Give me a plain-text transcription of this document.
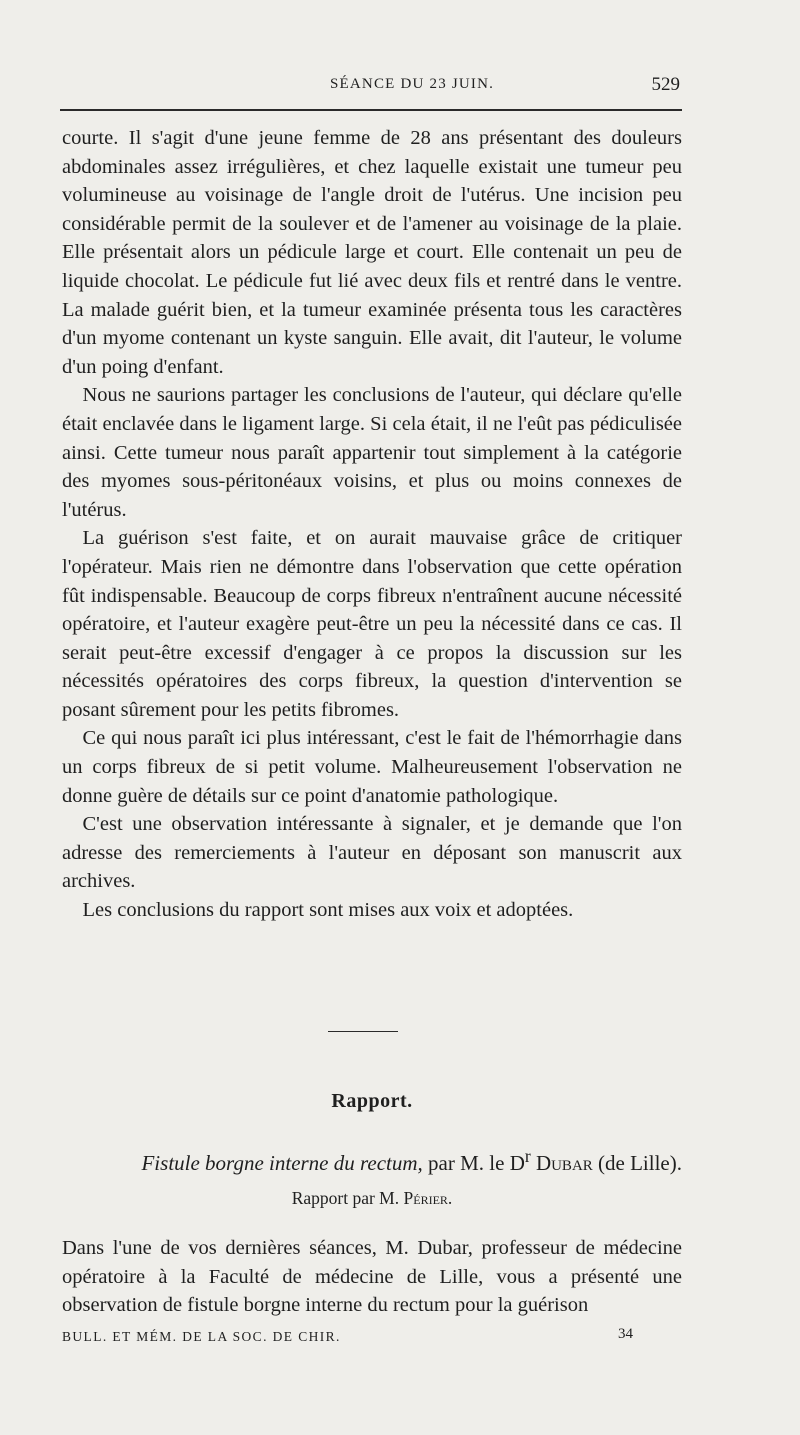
SÉANCE DU 23 JUIN.	529

courte. Il s'agit d'une jeune femme de 28 ans présentant des douleurs abdominales assez irrégulières, et chez laquelle existait une tumeur peu volumineuse au voisinage de l'angle droit de l'utérus. Une incision peu considérable permit de la soulever et de l'amener au voisinage de la plaie. Elle présentait alors un pédicule large et court. Elle contenait un peu de liquide chocolat. Le pédicule fut lié avec deux fils et rentré dans le ventre. La malade guérit bien, et la tumeur examinée présenta tous les caractères d'un myome contenant un kyste sanguin. Elle avait, dit l'auteur, le volume d'un poing d'enfant.

Nous ne saurions partager les conclusions de l'auteur, qui déclare qu'elle était enclavée dans le ligament large. Si cela était, il ne l'eût pas pédiculisée ainsi. Cette tumeur nous paraît appartenir tout simplement à la catégorie des myomes sous-péritonéaux voisins, et plus ou moins connexes de l'utérus.

La guérison s'est faite, et on aurait mauvaise grâce de critiquer l'opérateur. Mais rien ne démontre dans l'observation que cette opération fût indispensable. Beaucoup de corps fibreux n'entraînent aucune nécessité opératoire, et l'auteur exagère peut-être un peu la nécessité dans ce cas. Il serait peut-être excessif d'engager à ce propos la discussion sur les nécessités opératoires des corps fibreux, la question d'intervention se posant sûrement pour les petits fibromes.

Ce qui nous paraît ici plus intéressant, c'est le fait de l'hémorrhagie dans un corps fibreux de si petit volume. Malheureusement l'observation ne donne guère de détails sur ce point d'anatomie pathologique.

C'est une observation intéressante à signaler, et je demande que l'on adresse des remerciements à l'auteur en déposant son manuscrit aux archives.

Les conclusions du rapport sont mises aux voix et adoptées.

Rapport.
Fistule borgne interne du rectum, par M. le $D^r$ Dubar (de Lille).
Rapport par M. Périer.

Dans l'une de vos dernières séances, M. Dubar, professeur de médecine opératoire à la Faculté de médecine de Lille, vous a présenté une observation de fistule borgne interne du rectum pour la guérison

BULL. ET MÉM. DE LA SOC. DE CHIR.	34
